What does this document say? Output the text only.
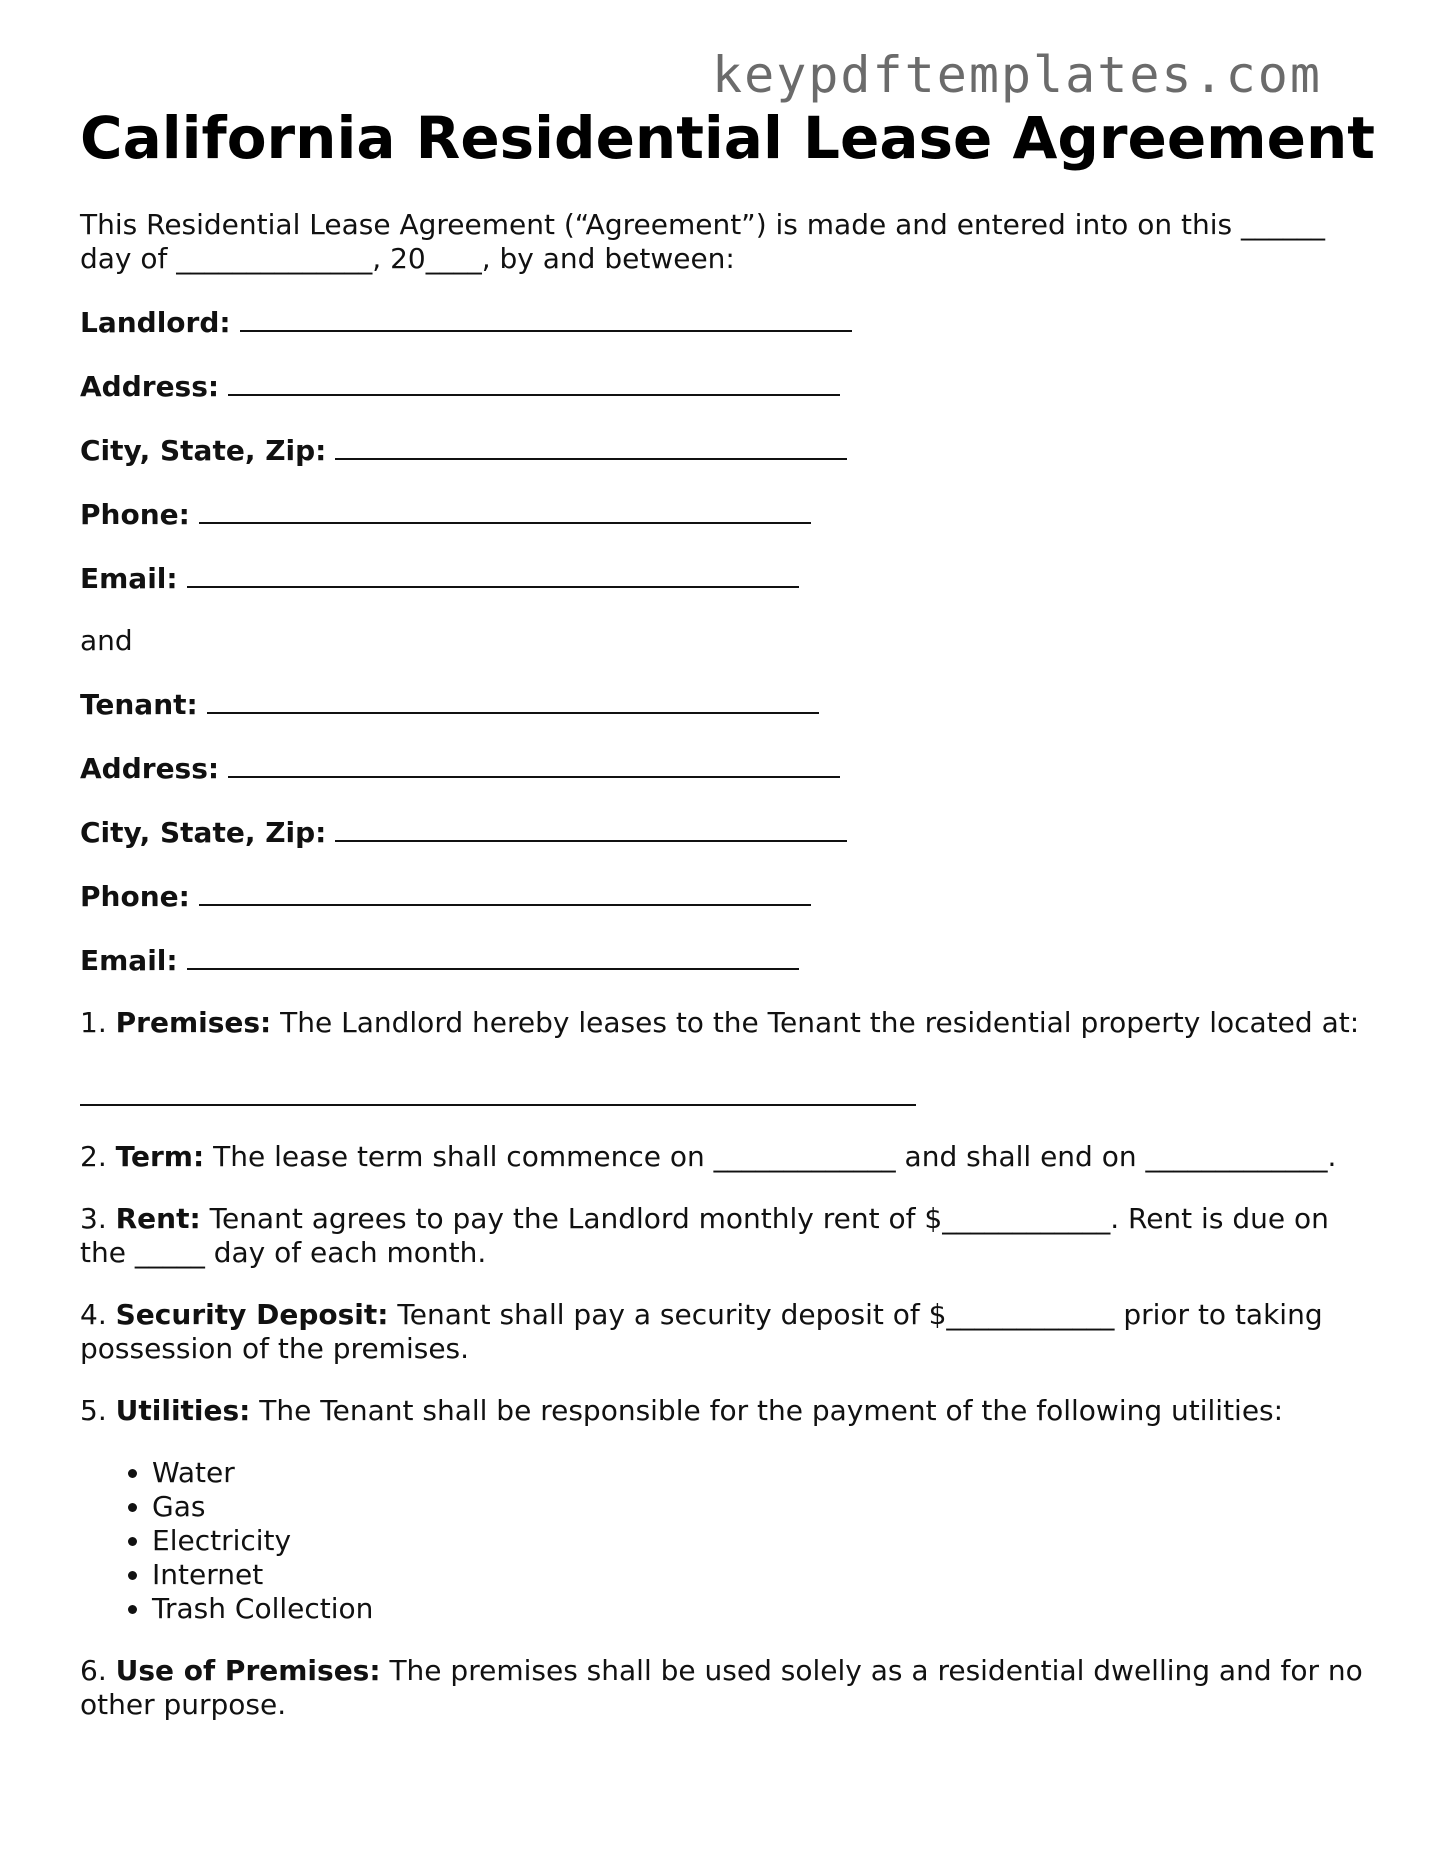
keypdftemplates.com
California Residential Lease Agreement

This Residential Lease Agreement (“Agreement”) is made and entered into on this ______
day of ______________, 20____, by and between:

Landlord:

Address:

City, State, Zip:

Phone:

Email:

and

Tenant:

Address:

City, State, Zip:

Phone:

Email:

1. Premises: The Landlord hereby leases to the Tenant the residential property located at:

2. Term: The lease term shall commence on _____________ and shall end on _____________.

3. Rent: Tenant agrees to pay the Landlord monthly rent of $____________. Rent is due on the _____ day of each month.

4. Security Deposit: Tenant shall pay a security deposit of $____________ prior to taking possession of the premises.

5. Utilities: The Tenant shall be responsible for the payment of the following utilities:

• Water
• Gas
• Electricity
• Internet
• Trash Collection

6. Use of Premises: The premises shall be used solely as a residential dwelling and for no other purpose.
